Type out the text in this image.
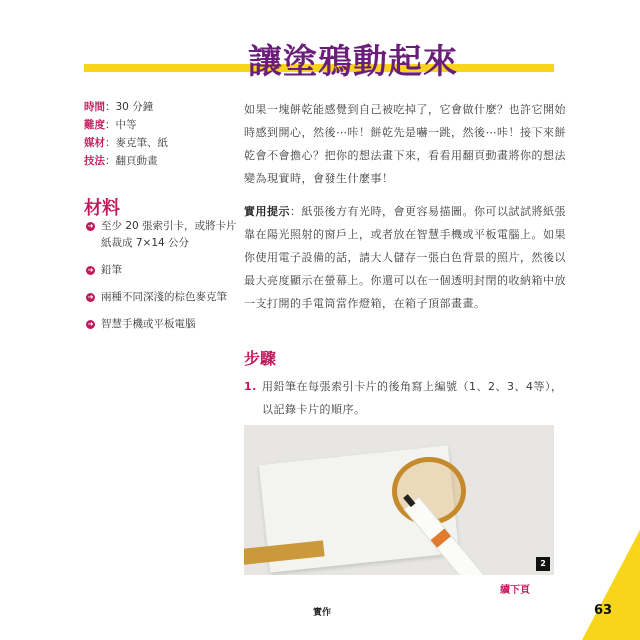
讓塗鴉動起來
時間：30 分鐘
難度：中等
媒材：麥克筆、紙
技法：翻頁動畫
材料
➜ 至少 20 張索引卡，或將卡片紙裁成 7×14 公分
➜ 鉛筆
➜ 兩種不同深淺的棕色麥克筆
➜ 智慧手機或平板電腦
如果一塊餅乾能感覺到自己被吃掉了，它會做什麼？也許它開始時感到開心，然後⋯咔！餅乾先是嚇一跳，然後⋯咔！接下來餅乾會不會擔心？把你的想法畫下來，看看用翻頁動畫將你的想法變為現實時，會發生什麼事！
實用提示：紙張後方有光時，會更容易描圖。你可以試試將紙張靠在陽光照射的窗戶上，或者放在智慧手機或平板電腦上。如果你使用電子設備的話，請大人儲存一張白色背景的照片，然後以最大亮度顯示在螢幕上。你還可以在一個透明封閉的收納箱中放一支打開的手電筒當作燈箱，在箱子頂部畫畫。
步驟
1. 用鉛筆在每張索引卡片的後角寫上編號（1、2、3、4等），以記錄卡片的順序。
2
續下頁
實作	63
